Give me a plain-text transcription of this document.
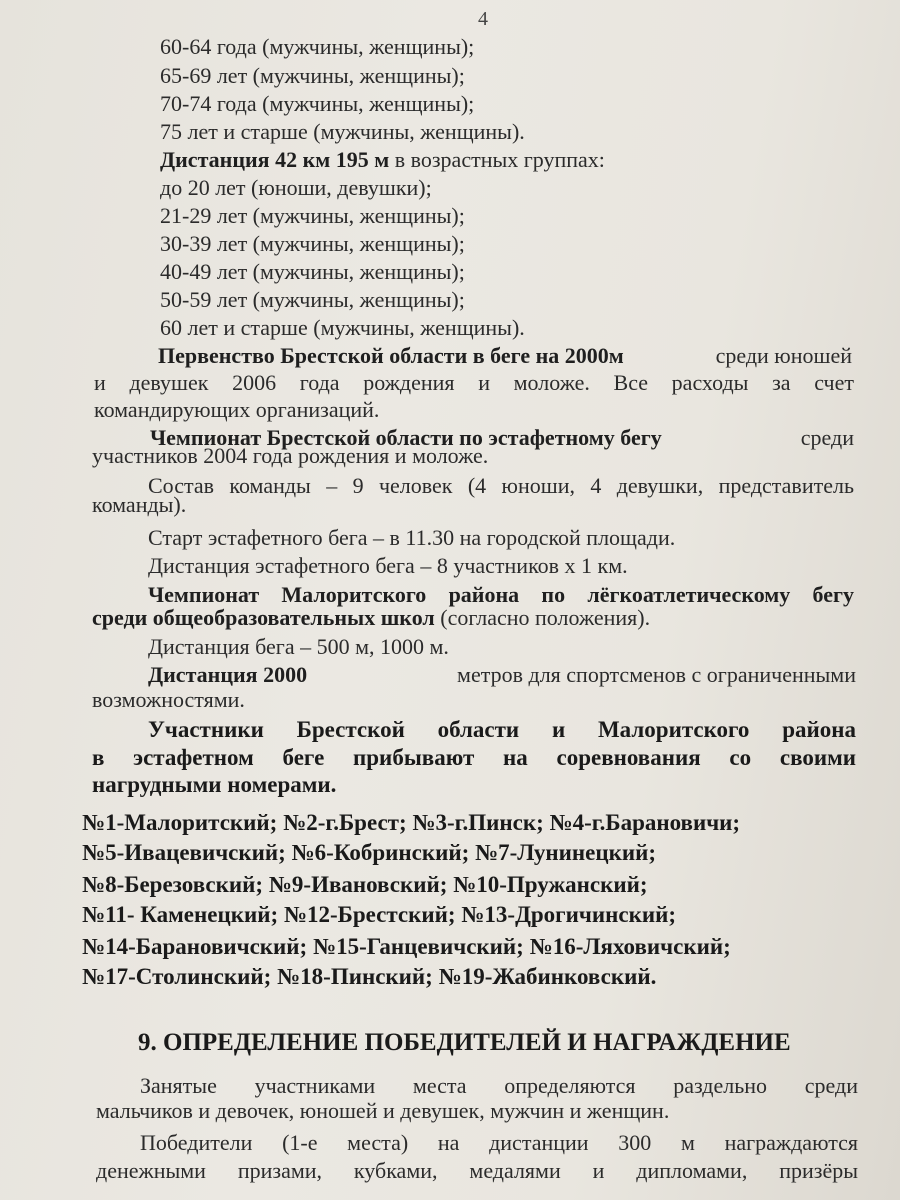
4
60-64 года (мужчины, женщины);
65-69 лет (мужчины, женщины);
70-74 года (мужчины, женщины);
75 лет и старше (мужчины, женщины).
Дистанция 42 км 195 м в возрастных группах:
до 20 лет (юноши, девушки);
21-29 лет (мужчины, женщины);
30-39 лет (мужчины, женщины);
40-49 лет (мужчины, женщины);
50-59 лет (мужчины, женщины);
60 лет и старше (мужчины, женщины).
Первенство Брестской области в беге на 2000м	среди юношей
и девушек 2006 года рождения и моложе. Все расходы за счет
командирующих организаций.
Чемпионат Брестской области по эстафетному бегу	среди
участников 2004 года рождения и моложе.
Состав команды – 9 человек (4 юноши, 4 девушки, представитель
команды).
Старт эстафетного бега – в 11.30 на городской площади.
Дистанция эстафетного бега – 8 участников х 1 км.
Чемпионат Малоритского района по лёгкоатлетическому бегу
среди общеобразовательных школ (согласно положения).
Дистанция бега – 500 м, 1000 м.
Дистанция 2000	метров для спортсменов с ограниченными
возможностями.
Участники Брестской области и Малоритского района
в эстафетном беге прибывают на соревнования со своими
нагрудными номерами.
№1-Малоритский; №2-г.Брест; №3-г.Пинск; №4-г.Барановичи;
№5-Ивацевичский; №6-Кобринский; №7-Лунинецкий;
№8-Березовский; №9-Ивановский; №10-Пружанский;
№11- Каменецкий; №12-Брестский; №13-Дрогичинский;
№14-Барановичский; №15-Ганцевичский; №16-Ляховичский;
№17-Столинский; №18-Пинский; №19-Жабинковский.
9. ОПРЕДЕЛЕНИЕ ПОБЕДИТЕЛЕЙ И НАГРАЖДЕНИЕ
Занятые участниками места определяются раздельно среди
мальчиков и девочек, юношей и девушек, мужчин и женщин.
Победители (1-е места) на дистанции 300 м награждаются
денежными призами, кубками, медалями и дипломами, призёры
